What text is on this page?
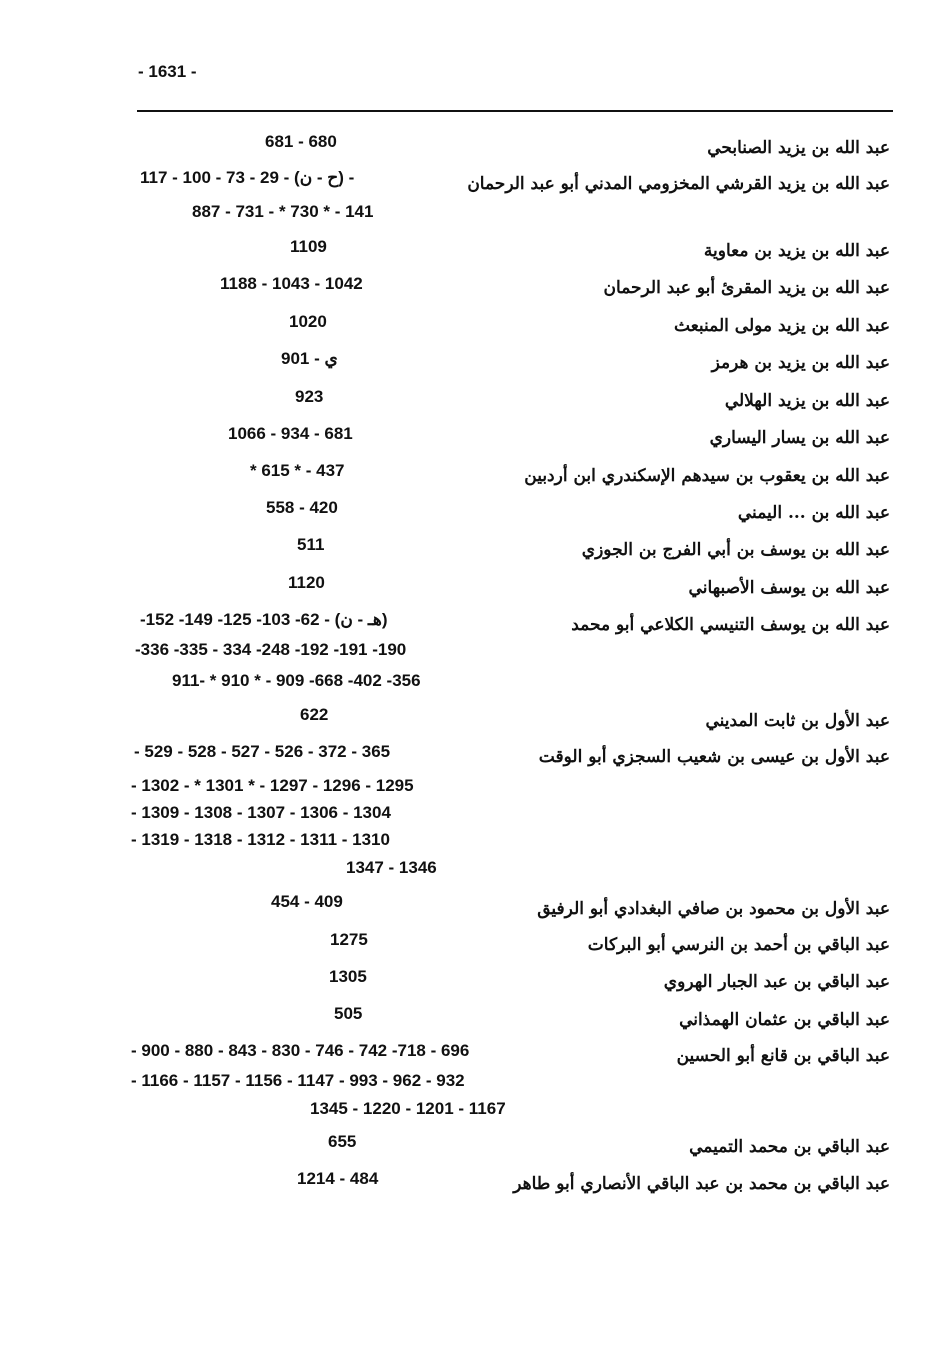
- 1631 -
عبد الله بن يزيد الصنابحي
681 - 680
عبد الله بن يزيد القرشي المخزومي المدني أبو عبد الرحمان
117 - 100 - 73 - 29 - (ح - ن) -
887 - 731 - * 730 * - 141
عبد الله بن يزيد بن معاوية
1109
عبد الله بن يزيد المقرئ أبو عبد الرحمان
1188 - 1043 - 1042
عبد الله بن يزيد مولى المنبعث
1020
عبد الله بن يزيد بن هرمز
ي - 901
عبد الله بن يزيد الهلالي
923
عبد الله بن يسار اليساري
1066 - 934 - 681
عبد الله بن يعقوب بن سيدهم الإسكندري ابن أردبين
* 615 * - 437
عبد الله بن ... اليمني
558 - 420
عبد الله بن يوسف بن أبي الفرج بن الجوزي
511
عبد الله بن يوسف الأصبهاني
1120
عبد الله بن يوسف التنيسي الكلاعي أبو محمد
-152 -149 -125 -103 -62 - (هـ - ن)
-336 -335 - 334 -248 -192 -191 -190
911- * 910 * - 909 -668 -402 -356
عبد الأول بن ثابت المديني
622
عبد الأول بن عيسى بن شعيب السجزي أبو الوقت
- 529 - 528 - 527 - 526 - 372 - 365
- 1302 - * 1301 * - 1297 - 1296 - 1295
- 1309 - 1308 - 1307 - 1306 - 1304
- 1319 - 1318 - 1312 - 1311 - 1310
1347 - 1346
عبد الأول بن محمود بن صافي البغدادي أبو الرفيق
454 - 409
عبد الباقي بن أحمد بن النرسي أبو البركات
1275
عبد الباقي بن عبد الجبار الهروي
1305
عبد الباقي بن عثمان الهمذاني
505
عبد الباقي بن قانع أبو الحسين
- 900 - 880 - 843 - 830 - 746 - 742 -718 - 696
- 1166 - 1157 - 1156 - 1147 - 993 - 962 - 932
1345 - 1220 - 1201 - 1167
عبد الباقي بن محمد التميمي
655
عبد الباقي بن محمد بن عبد الباقي الأنصاري أبو طاهر
1214 - 484
